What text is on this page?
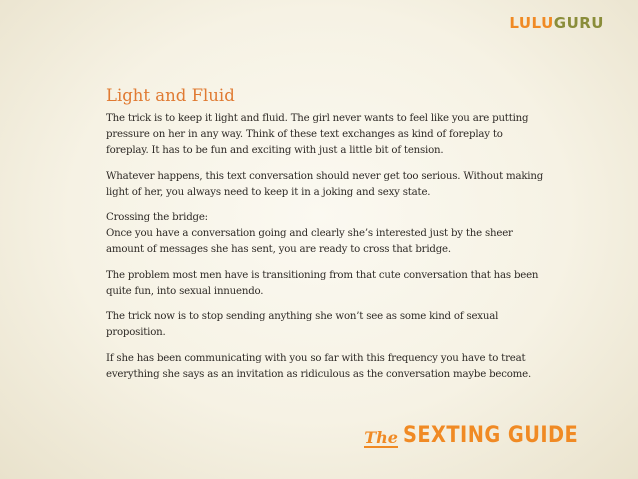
LULUGURU
Light and Fluid

The trick is to keep it light and fluid. The girl never wants to feel like you are putting pressure on her in any way. Think of these text exchanges as kind of foreplay to foreplay. It has to be fun and exciting with just a little bit of tension.

Whatever happens, this text conversation should never get too serious. Without making light of her, you always need to keep it in a joking and sexy state.

Crossing the bridge:
Once you have a conversation going and clearly she’s interested just by the sheer amount of messages she has sent, you are ready to cross that bridge.

The problem most men have is transitioning from that cute conversation that has been quite fun, into sexual innuendo.

The trick now is to stop sending anything she won’t see as some kind of sexual proposition.

If she has been communicating with you so far with this frequency you have to treat everything she says as an invitation as ridiculous as the conversation maybe become.

The SEXTING GUIDE
